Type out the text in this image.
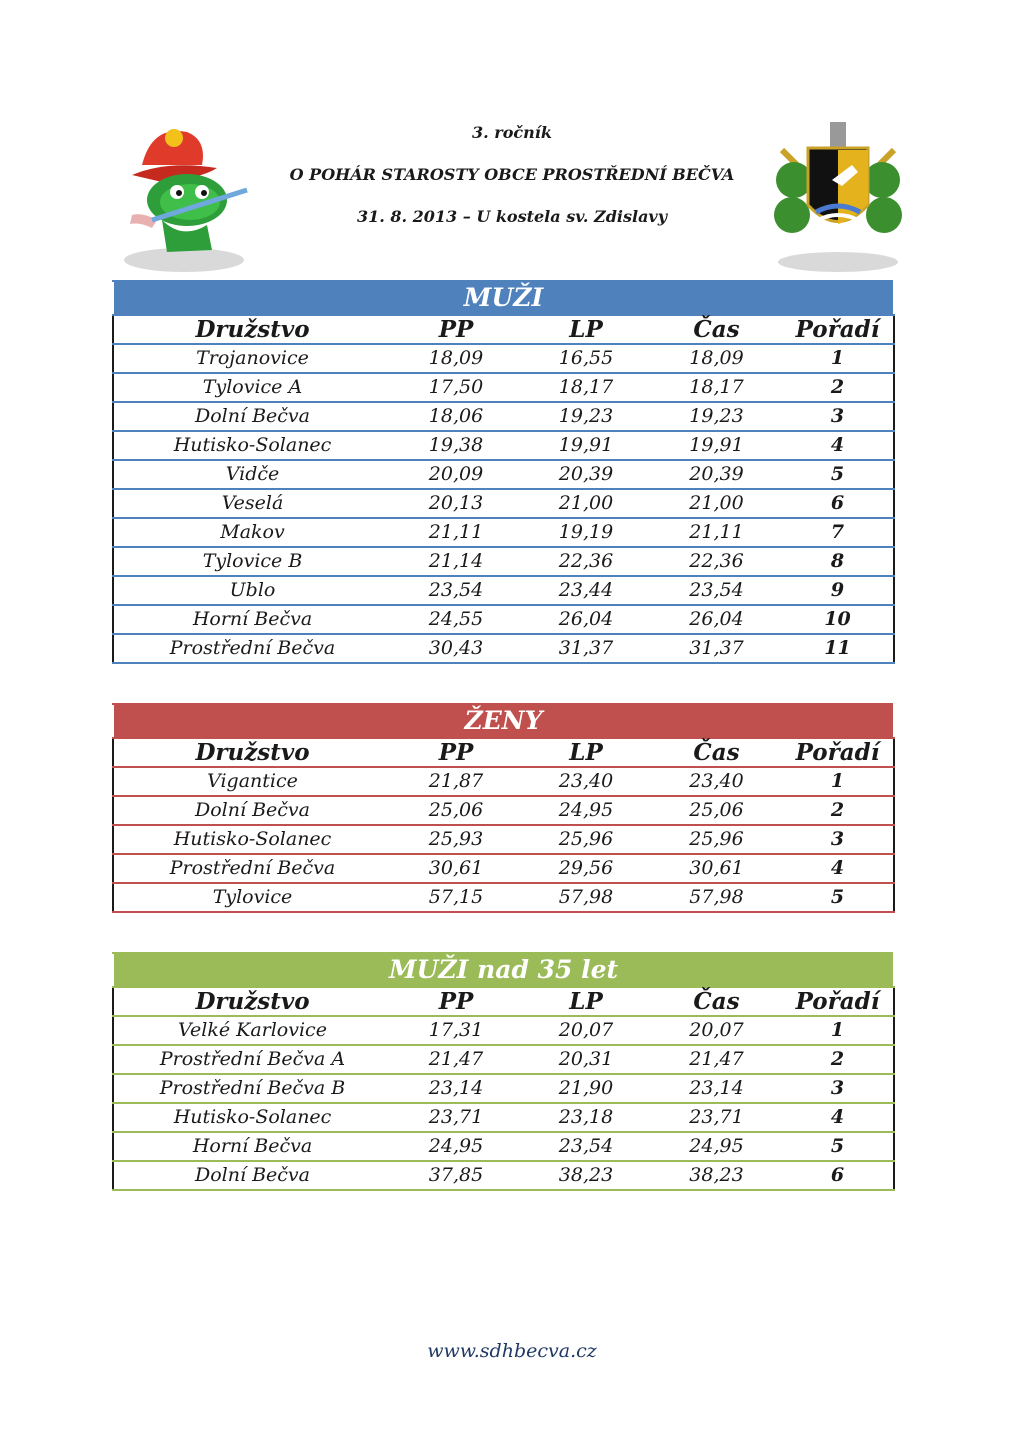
3. ročník
O POHÁR STAROSTY OBCE PROSTŘEDNÍ BEČVA
31. 8. 2013 – U kostela sv. Zdislavy
MUŽI				
Družstvo	PP	LP	Čas	Pořadí
Trojanovice	18,09	16,55	18,09	1
Tylovice A	17,50	18,17	18,17	2
Dolní Bečva	18,06	19,23	19,23	3
Hutisko-Solanec	19,38	19,91	19,91	4
Vidče	20,09	20,39	20,39	5
Veselá	20,13	21,00	21,00	6
Makov	21,11	19,19	21,11	7
Tylovice B	21,14	22,36	22,36	8
Ublo	23,54	23,44	23,54	9
Horní Bečva	24,55	26,04	26,04	10
Prostřední Bečva	30,43	31,37	31,37	11
ŽENY				
Družstvo	PP	LP	Čas	Pořadí
Vigantice	21,87	23,40	23,40	1
Dolní Bečva	25,06	24,95	25,06	2
Hutisko-Solanec	25,93	25,96	25,96	3
Prostřední Bečva	30,61	29,56	30,61	4
Tylovice	57,15	57,98	57,98	5
MUŽI nad 35 let				
Družstvo	PP	LP	Čas	Pořadí
Velké Karlovice	17,31	20,07	20,07	1
Prostřední Bečva A	21,47	20,31	21,47	2
Prostřední Bečva B	23,14	21,90	23,14	3
Hutisko-Solanec	23,71	23,18	23,71	4
Horní Bečva	24,95	23,54	24,95	5
Dolní Bečva	37,85	38,23	38,23	6
www.sdhbecva.cz
